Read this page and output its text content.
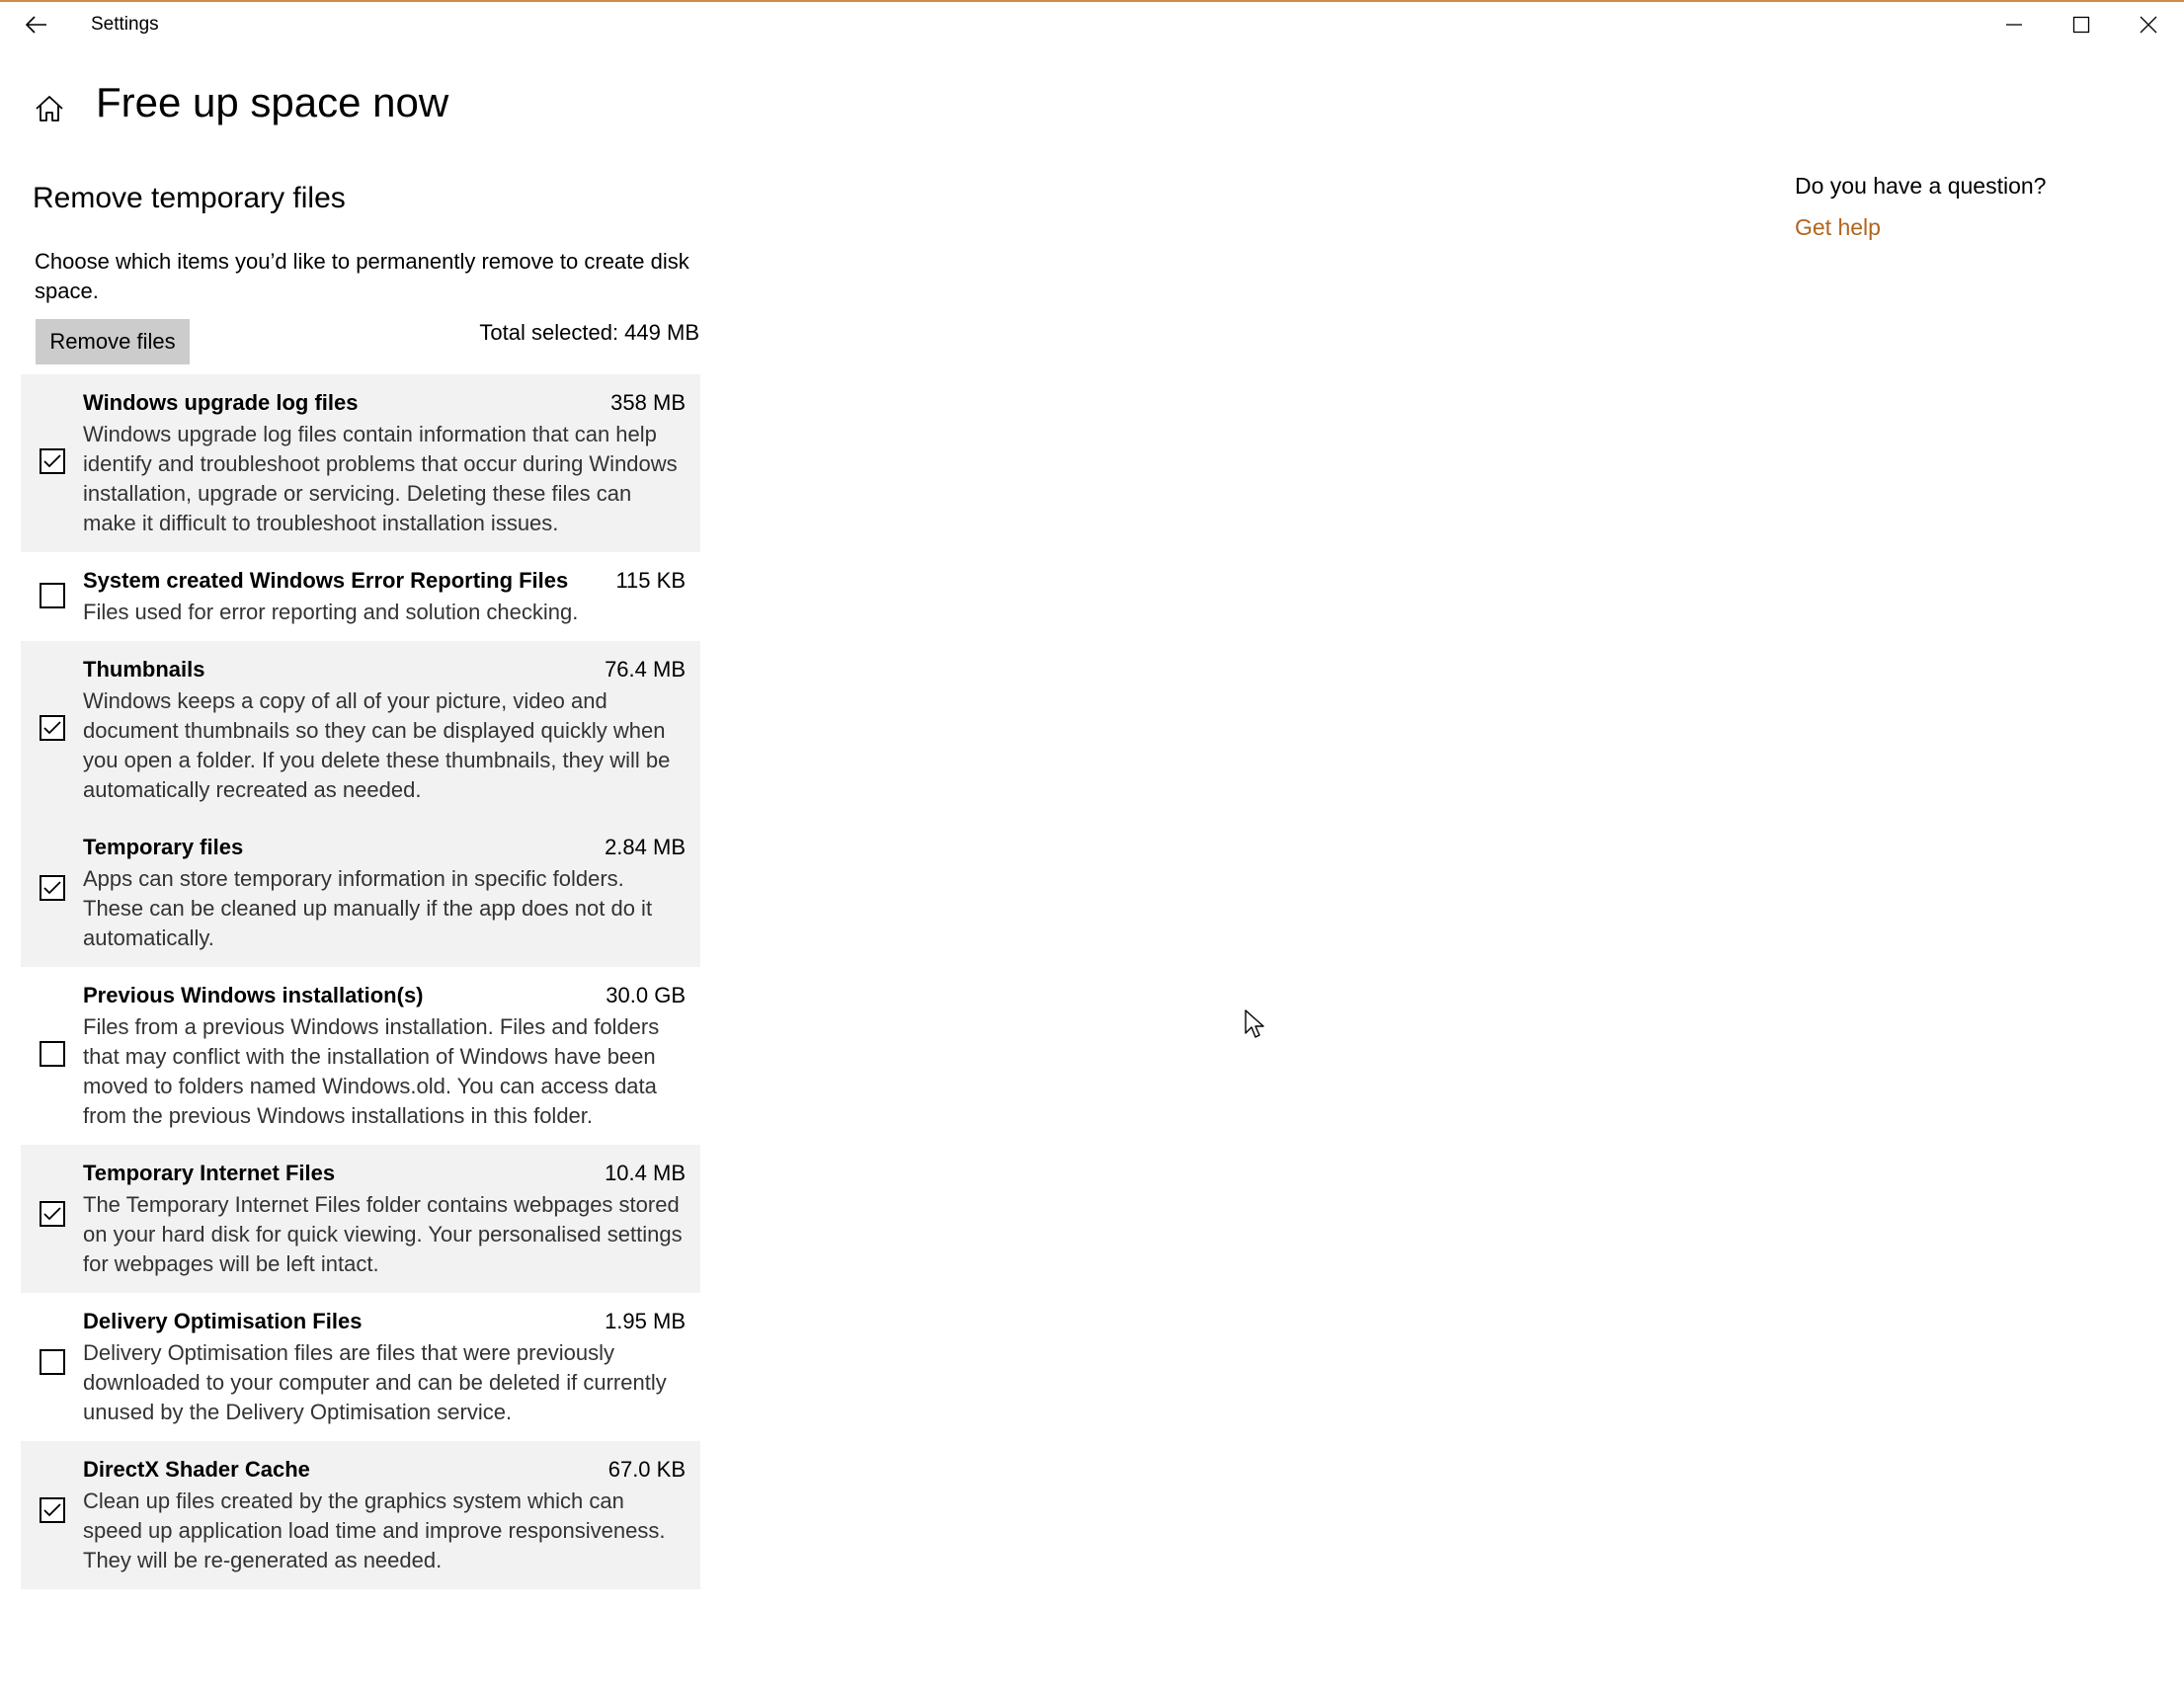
Settings
Free up space now
Remove temporary files
Choose which items you’d like to permanently remove to create disk space.
Remove files	Total selected: 449 MB
Windows upgrade log files	358 MB
Windows upgrade log files contain information that can help identify and troubleshoot problems that occur during Windows installation, upgrade or servicing. Deleting these files can make it difficult to troubleshoot installation issues.
System created Windows Error Reporting Files 115 KB
Files used for error reporting and solution checking.
Thumbnails	76.4 MB
Windows keeps a copy of all of your picture, video and document thumbnails so they can be displayed quickly when you open a folder. If you delete these thumbnails, they will be automatically recreated as needed.
Temporary files	2.84 MB
Apps can store temporary information in specific folders. These can be cleaned up manually if the app does not do it automatically.
Previous Windows installation(s)	30.0 GB
Files from a previous Windows installation. Files and folders that may conflict with the installation of Windows have been moved to folders named Windows.old. You can access data from the previous Windows installations in this folder.
Temporary Internet Files	10.4 MB
The Temporary Internet Files folder contains webpages stored on your hard disk for quick viewing. Your personalised settings for webpages will be left intact.
Delivery Optimisation Files	1.95 MB
Delivery Optimisation files are files that were previously downloaded to your computer and can be deleted if currently unused by the Delivery Optimisation service.
DirectX Shader Cache	67.0 KB
Clean up files created by the graphics system which can speed up application load time and improve responsiveness. They will be re-generated as needed.
Do you have a question?
Get help
